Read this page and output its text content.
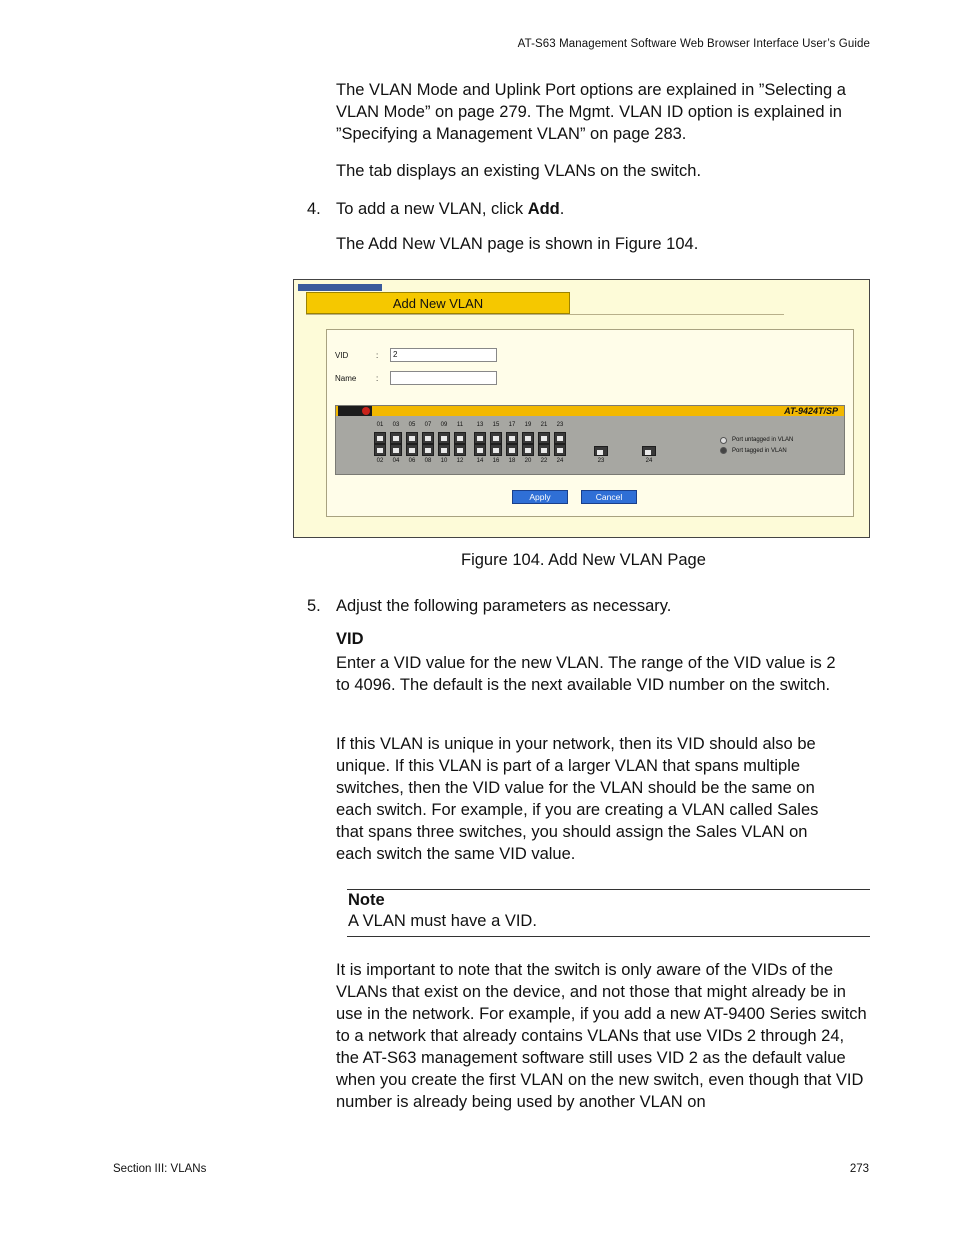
AT-S63 Management Software Web Browser Interface User’s Guide

The VLAN Mode and Uplink Port options are explained in ”Selecting a VLAN Mode” on page 279. The Mgmt. VLAN ID option is explained in ”Specifying a Management VLAN” on page 283.

The tab displays an existing VLANs on the switch.

4. To add a new VLAN, click Add.

The Add New VLAN page is shown in Figure 104.

Add New VLAN
VID	:	2
Name :
AT-9424T/SP
01
02
03
04
05
06
07
08
09
10
11
12
13
14
15
16
17
18
19
20
21
22
23
24	23	24
Port untagged in VLAN
Port tagged in VLAN
Apply	Cancel
Figure 104. Add New VLAN Page
5. Adjust the following parameters as necessary.
VID

Enter a VID value for the new VLAN. The range of the VID value is 2 to 4096. The default is the next available VID number on the switch.

If this VLAN is unique in your network, then its VID should also be unique. If this VLAN is part of a larger VLAN that spans multiple switches, then the VID value for the VLAN should be the same on each switch. For example, if you are creating a VLAN called Sales that spans three switches, you should assign the Sales VLAN on each switch the same VID value.

Note
A VLAN must have a VID.

It is important to note that the switch is only aware of the VIDs of the VLANs that exist on the device, and not those that might already be in use in the network. For example, if you add a new AT-9400 Series switch to a network that already contains VLANs that use VIDs 2 through 24, the AT-S63 management software still uses VID 2 as the default value when you create the first VLAN on the new switch, even though that VID number is already being used by another VLAN on

Section III: VLANs	273
